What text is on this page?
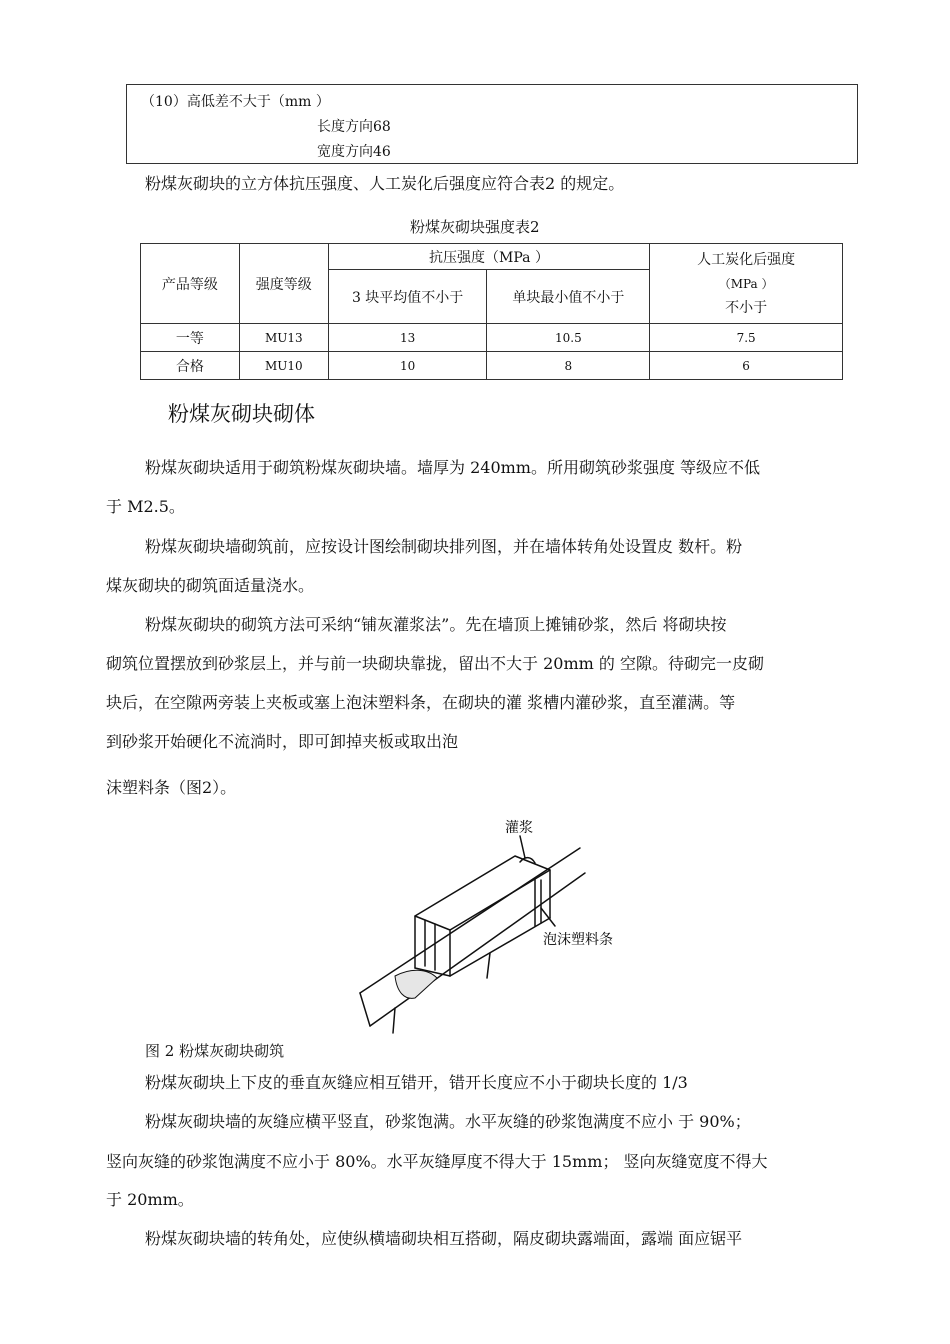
（10）高低差不大于（mm ）
长度方向68
宽度方向46
粉煤灰砌块的立方体抗压强度、人工炭化后强度应符合表2 的规定。
粉煤灰砌块强度表2
产品等级	强度等级	抗压强度（MPa ）		人工炭化后强度
（MPa ）
不小于

		3 块平均值不小于	单块最小值不小于	
一等	MU13	13	10.5	7.5
合格	MU10	10	8	6
粉煤灰砌块砌体
粉煤灰砌块适用于砌筑粉煤灰砌块墙。墙厚为 240mm。所用砌筑砂浆强度 等级应不低
于 M2.5。
粉煤灰砌块墙砌筑前，应按设计图绘制砌块排列图，并在墙体转角处设置皮 数杆。粉
煤灰砌块的砌筑面适量浇水。
粉煤灰砌块的砌筑方法可采纳“铺灰灌浆法”。先在墙顶上摊铺砂浆，然后 将砌块按
砌筑位置摆放到砂浆层上，并与前一块砌块靠拢，留出不大于 20mm 的 空隙。待砌完一皮砌
块后，在空隙两旁装上夹板或塞上泡沫塑料条，在砌块的灌 浆槽内灌砂浆，直至灌满。等
到砂浆开始硬化不流淌时，即可卸掉夹板或取出泡
沫塑料条（图2）。
灌浆
泡沫塑料条
图 2 粉煤灰砌块砌筑
粉煤灰砌块上下皮的垂直灰缝应相互错开，错开长度应不小于砌块长度的 1/3
粉煤灰砌块墙的灰缝应横平竖直，砂浆饱满。水平灰缝的砂浆饱满度不应小 于 90%；
竖向灰缝的砂浆饱满度不应小于 80%。水平灰缝厚度不得大于 15mm； 竖向灰缝宽度不得大
于 20mm。
粉煤灰砌块墙的转角处，应使纵横墙砌块相互搭砌，隔皮砌块露端面，露端 面应锯平
